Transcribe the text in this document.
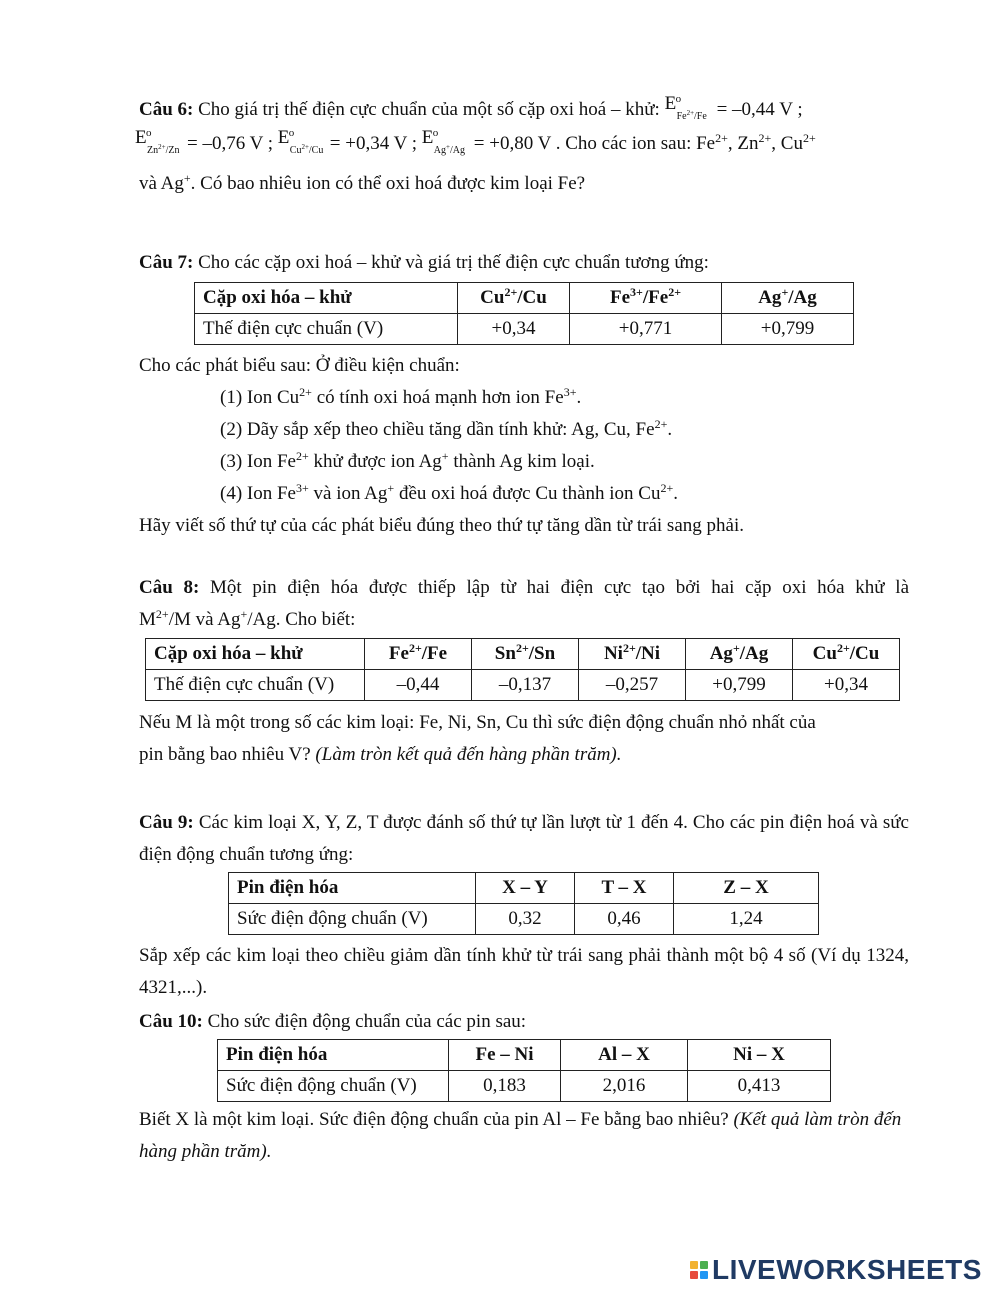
Câu 6: Cho giá trị thế điện cực chuẩn của một số cặp oxi hoá – khử: E o
$Fe^{2+}/Fe = -0,44$ V ;
E o
$Zn^{2+}/Zn = -0,76$ V ; E o
$Cu^{2+}/Cu = +0,34$ V ; E o
Ag+/Ag = +0,80 V . Cho các ion sau: $Fe^{2+}$, $Zn^{2+}$, $Cu^{2+}$
và Ag+. Có bao nhiêu ion có thể oxi hoá được kim loại Fe?
Câu 7: Cho các cặp oxi hoá – khử và giá trị thế điện cực chuẩn tương ứng:
Cặp oxi hóa – khử	$Cu^{2+}/Cu$	$Fe^{3+}/Fe^{2+}$	Ag+/Ag
Thế điện cực chuẩn (V)	+0,34	+0,771	+0,799
Cho các phát biểu sau: Ở điều kiện chuẩn:
(1) Ion $Cu^{2+}$ có tính oxi hoá mạnh hơn ion $Fe^{3+}$.
(2) Dãy sắp xếp theo chiều tăng dần tính khử: Ag, Cu, $Fe^{2+}$.
(3) Ion $Fe^{2+}$ khử được ion Ag+ thành Ag kim loại.
(4) Ion $Fe^{3+}$ và ion Ag+ đều oxi hoá được Cu thành ion $Cu^{2+}$.
Hãy viết số thứ tự của các phát biểu đúng theo thứ tự tăng dần từ trái sang phải.
Câu 8: Một pin điện hóa được thiếp lập từ hai điện cực tạo bởi hai cặp oxi hóa khử là
$M^{2+}/M$ và Ag+/Ag. Cho biết:
Cặp oxi hóa – khử	$Fe^{2+}/Fe$	$Sn^{2+}/Sn$	$Ni^{2+}/Ni$	Ag+/Ag	$Cu^{2+}/Cu$
Thế điện cực chuẩn (V)	–0,44	–0,137	–0,257	+0,799	+0,34
Nếu M là một trong số các kim loại: Fe, Ni, Sn, Cu thì sức điện động chuẩn nhỏ nhất của
pin bằng bao nhiêu V? (Làm tròn kết quả đến hàng phần trăm).
Câu 9: Các kim loại X, Y, Z, T được đánh số thứ tự lần lượt từ 1 đến 4. Cho các pin điện hoá và sức điện động chuẩn tương ứng:
Pin điện hóa	X – Y	T – X	Z – X
Sức điện động chuẩn (V)	0,32	0,46	1,24
Sắp xếp các kim loại theo chiều giảm dần tính khử từ trái sang phải thành một bộ 4 số (Ví dụ 1324, 4321,...).
Câu 10: Cho sức điện động chuẩn của các pin sau:
Pin điện hóa	Fe – Ni	Al – X	Ni – X
Sức điện động chuẩn (V)	0,183	2,016	0,413
Biết X là một kim loại. Sức điện động chuẩn của pin Al – Fe bằng bao nhiêu? (Kết quả làm tròn đến hàng phần trăm).
LIVEWORKSHEETS
